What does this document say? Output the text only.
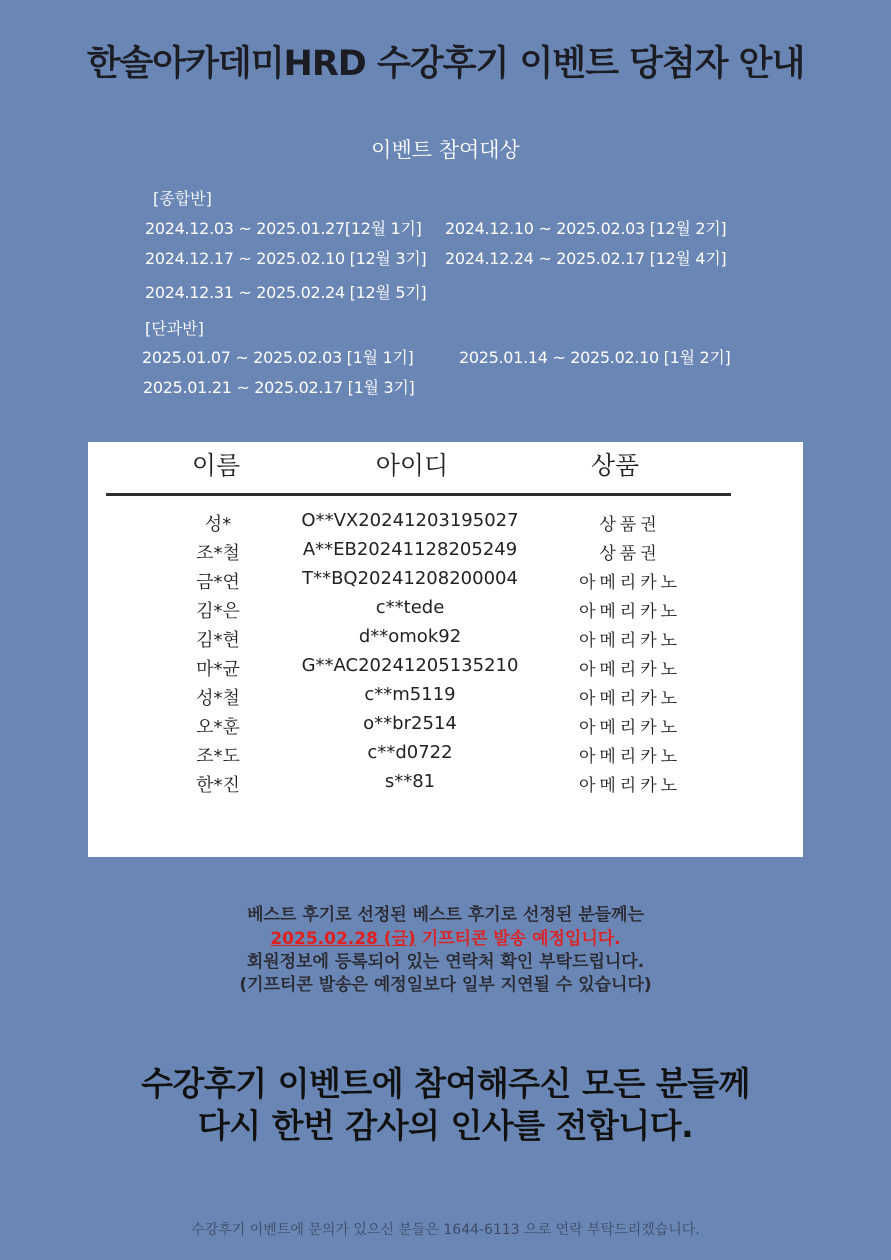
한솔아카데미HRD 수강후기 이벤트 당첨자 안내
이벤트 참여대상
[종합반]
2024.12.03 ~ 2025.01.27[12월 1기] 2024.12.10 ~ 2025.02.03 [12월 2기]
2024.12.17 ~ 2025.02.10 [12월 3기] 2024.12.24 ~ 2025.02.17 [12월 4기]
2024.12.31 ~ 2025.02.24 [12월 5기]
[단과반]
2025.01.07 ~ 2025.02.03 [1월 1기]	2025.01.14 ~ 2025.02.10 [1월 2기]
2025.01.21 ~ 2025.02.17 [1월 3기]
이름	아이디	상품
성*	O**VX20241203195027	상품권
조*철	A**EB20241128205249	상품권
금*연	T**BQ20241208200004	아메리카노
김*은	c**tede	아메리카노
김*현	d**omok92	아메리카노
마*균	G**AC20241205135210	아메리카노
성*철	c**m5119	아메리카노
오*훈	o**br2514	아메리카노
조*도	c**d0722	아메리카노
한*진	s**81	아메리카노
베스트 후기로 선정된 베스트 후기로 선정된 분들께는
2025.02.28 (금) 기프티콘 발송 예정입니다.
회원정보에 등록되어 있는 연락처 확인 부탁드립니다.
(기프티콘 발송은 예정일보다 일부 지연될 수 있습니다)
수강후기 이벤트에 참여해주신 모든 분들께
다시 한번 감사의 인사를 전합니다.
수강후기 이벤트에 문의가 있으신 분들은 1644-6113 으로 연락 부탁드리겠습니다.
